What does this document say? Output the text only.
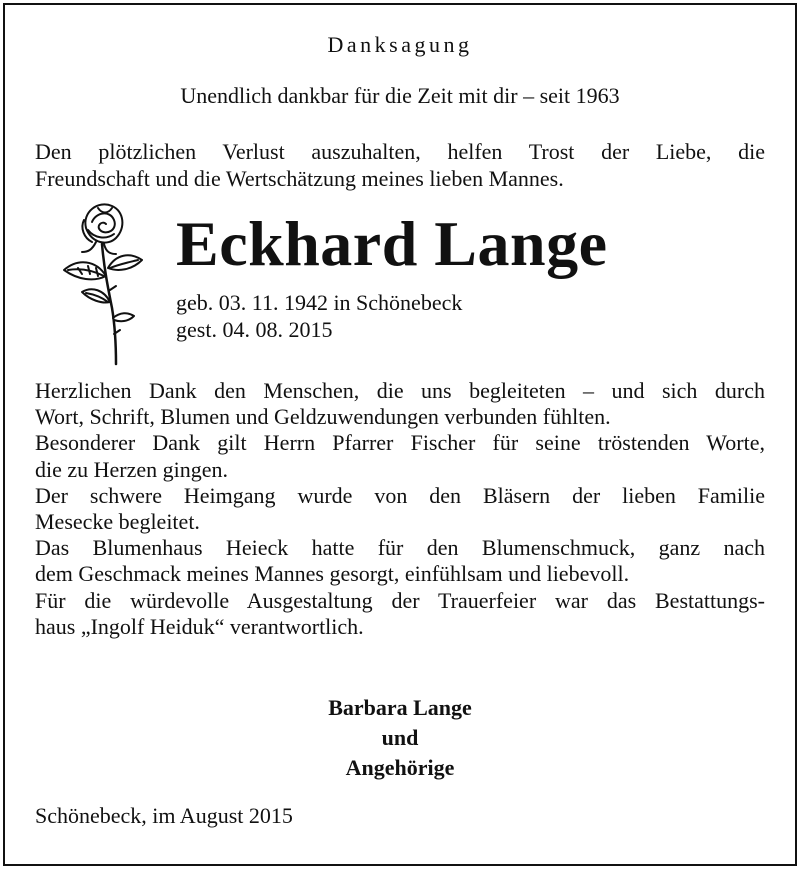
Danksagung
Unendlich dankbar für die Zeit mit dir – seit 1963
Den plötzlichen Verlust auszuhalten, helfen Trost der Liebe, die
Freundschaft und die Wertschätzung meines lieben Mannes.
Eckhard Lange
geb. 03. 11. 1942 in Schönebeck
gest. 04. 08. 2015
Herzlichen Dank den Menschen, die uns begleiteten – und sich durch
Wort, Schrift, Blumen und Geldzuwendungen verbunden fühlten.
Besonderer Dank gilt Herrn Pfarrer Fischer für seine tröstenden Worte,
die zu Herzen gingen.
Der schwere Heimgang wurde von den Bläsern der lieben Familie
Mesecke begleitet.
Das Blumenhaus Heieck hatte für den Blumenschmuck, ganz nach
dem Geschmack meines Mannes gesorgt, einfühlsam und liebevoll.
Für die würdevolle Ausgestaltung der Trauerfeier war das Bestattungs-
haus „Ingolf Heiduk“ verantwortlich.
Barbara Lange
und
Angehörige
Schönebeck, im August 2015
